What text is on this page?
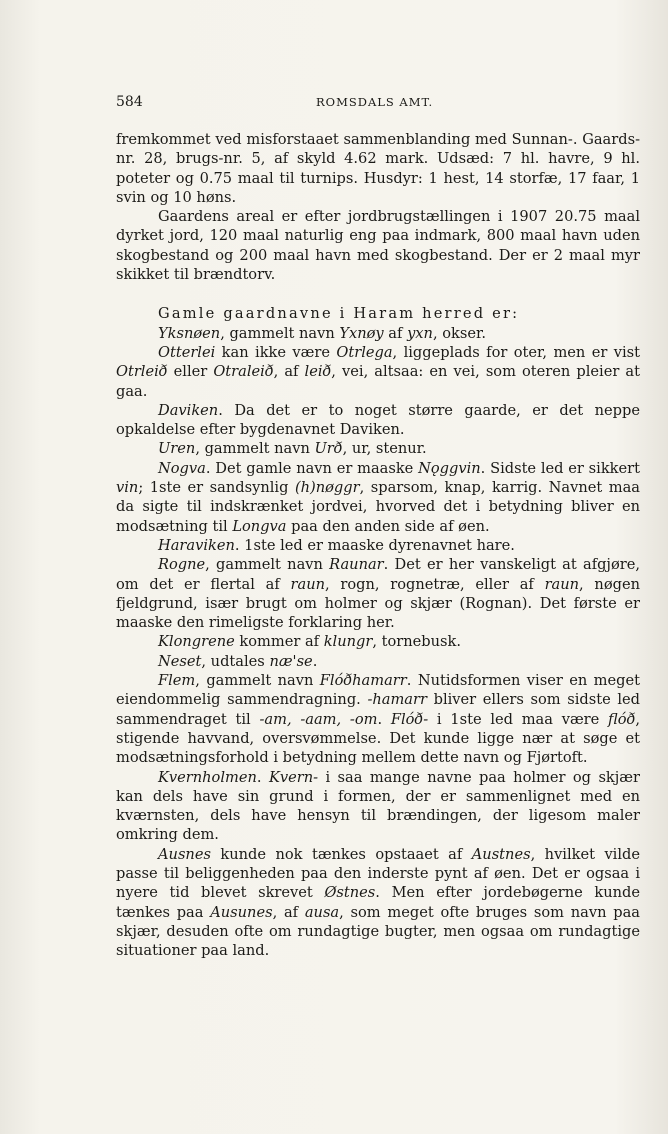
584	ROMSDALS AMT.

fremkommet ved misforstaaet sammenblanding med Sunnan-. Gaards-nr. 28, brugs-nr. 5, af skyld 4.62 mark. Udsæd: 7 hl. havre, 9 hl. poteter og 0.75 maal til turnips. Husdyr: 1 hest, 14 storfæ, 17 faar, 1 svin og 10 høns.

Gaardens areal er efter jordbrugstællingen i 1907 20.75 maal dyrket jord, 120 maal naturlig eng paa indmark, 800 maal havn uden skogbestand og 200 maal havn med skogbestand. Der er 2 maal myr skikket til brændtorv.

Gamle gaardnavne i Haram herred er:

Yksnøen, gammelt navn Yxnøy af yxn, okser.

Otterlei kan ikke være Otrlega, liggeplads for oter, men er vist Otrleið eller Otraleið, af leið, vei, altsaa: en vei, som oteren pleier at gaa.

Daviken. Da det er to noget større gaarde, er det neppe opkaldelse efter bygdenavnet Daviken.

Uren, gammelt navn Urð, ur, stenur.

Nogva. Det gamle navn er maaske Nǫggvin. Sidste led er sikkert vin; 1ste er sandsynlig (h)nøggr, sparsom, knap, karrig. Navnet maa da sigte til indskrænket jordvei, hvorved det i betydning bliver en modsætning til Longva paa den anden side af øen.

Haraviken. 1ste led er maaske dyrenavnet hare.

Rogne, gammelt navn Raunar. Det er her vanskeligt at afgjøre, om det er flertal af raun, rogn, rognetræ, eller af raun, nøgen fjeldgrund, især brugt om holmer og skjær (Rognan). Det første er maaske den rimeligste forklaring her.

Klongrene kommer af klungr, tornebusk.

Neset, udtales næ'se.

Flem, gammelt navn Flóðhamarr. Nutidsformen viser en meget eiendommelig sammendragning. -hamarr bliver ellers som sidste led sammendraget til -am, -aam, -om. Flóð- i 1ste led maa være flóð, stigende havvand, oversvømmelse. Det kunde ligge nær at søge et modsætningsforhold i betydning mellem dette navn og Fjørtoft.

Kvernholmen. Kvern- i saa mange navne paa holmer og skjær kan dels have sin grund i formen, der er sammenlignet med en kværnsten, dels have hensyn til brændingen, der ligesom maler omkring dem.

Ausnes kunde nok tænkes opstaaet af Austnes, hvilket vilde passe til beliggenheden paa den inderste pynt af øen. Det er ogsaa i nyere tid blevet skrevet Østnes. Men efter jordebøgerne kunde tænkes paa Ausunes, af ausa, som meget ofte bruges som navn paa skjær, desuden ofte om rundagtige bugter, men ogsaa om rundagtige situationer paa land.
